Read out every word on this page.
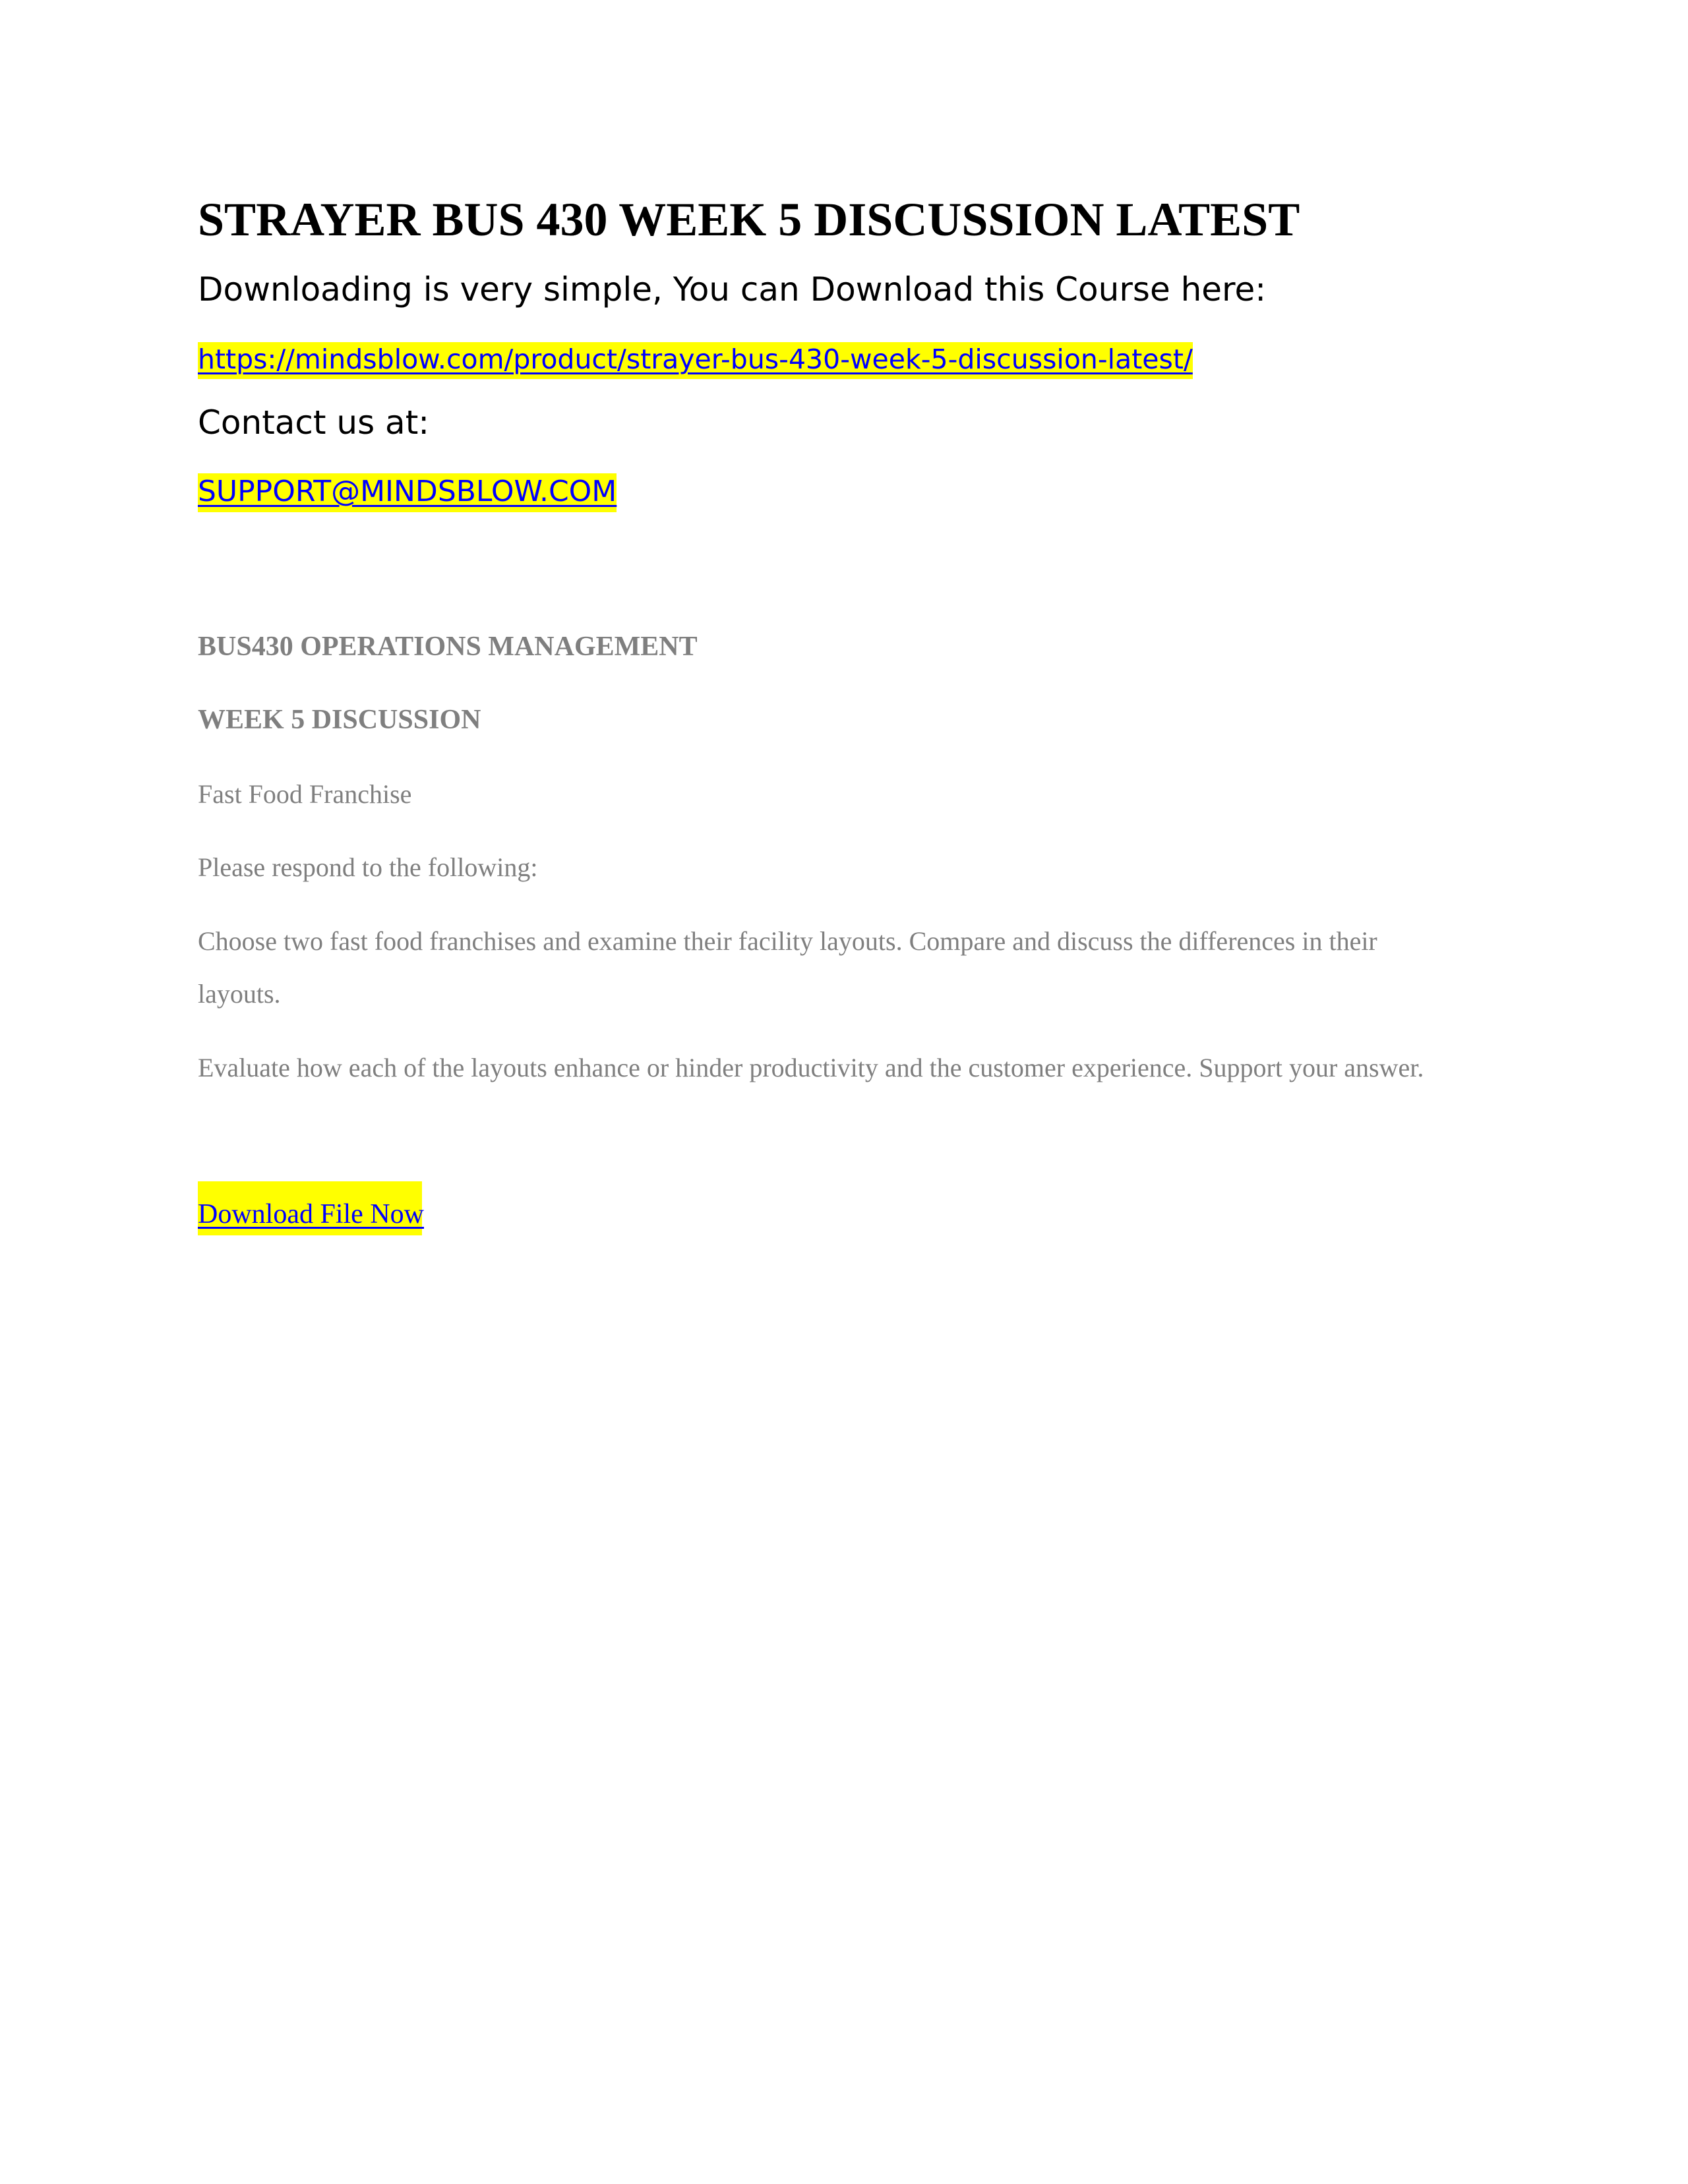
STRAYER BUS 430 WEEK 5 DISCUSSION LATEST

Downloading is very simple, You can Download this Course here:

https://mindsblow.com/product/strayer-bus-430-week-5-discussion-latest/

Contact us at:

SUPPORT@MINDSBLOW.COM

BUS430 OPERATIONS MANAGEMENT

WEEK 5 DISCUSSION

Fast Food Franchise

Please respond to the following:

Choose two fast food franchises and examine their facility layouts. Compare and discuss the differences in their

layouts.

Evaluate how each of the layouts enhance or hinder productivity and the customer experience. Support your answer.

Download File Now
